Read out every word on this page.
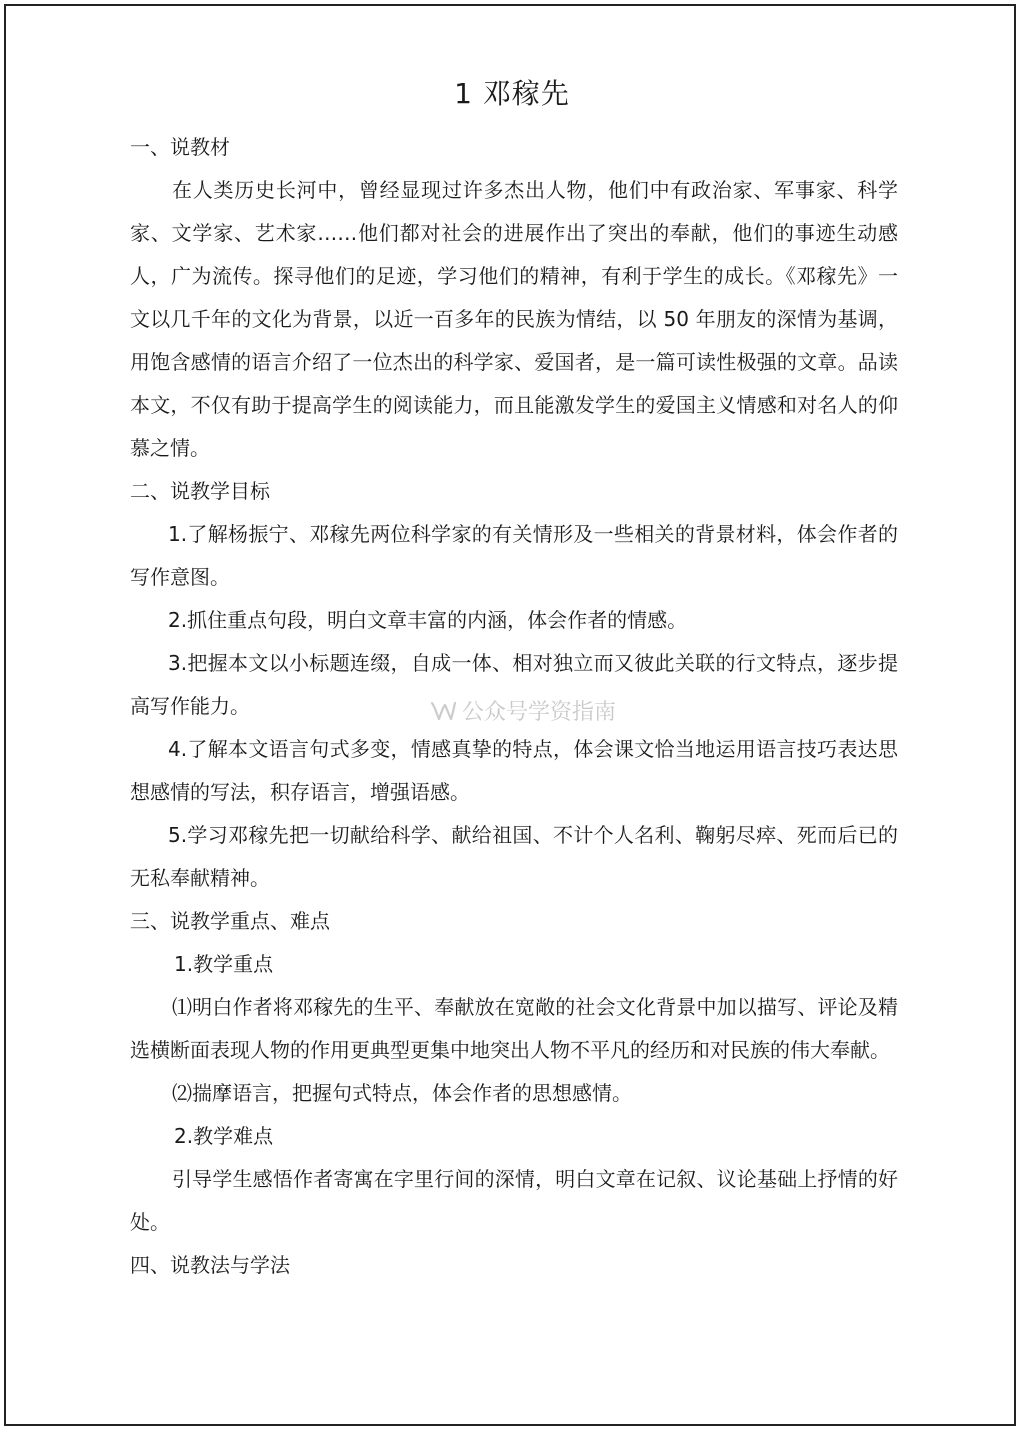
1 邓稼先

一、说教材

在人类历史长河中，曾经显现过许多杰出人物，他们中有政治家、军事家、科学家、文学家、艺术家……他们都对社会的进展作出了突出的奉献，他们的事迹生动感人，广为流传。探寻他们的足迹，学习他们的精神，有利于学生的成长。《邓稼先》一文以几千年的文化为背景，以近一百多年的民族为情结，以 50 年朋友的深情为基调，用饱含感情的语言介绍了一位杰出的科学家、爱国者，是一篇可读性极强的文章。品读本文，不仅有助于提高学生的阅读能力，而且能激发学生的爱国主义情感和对名人的仰慕之情。

二、说教学目标

1.了解杨振宁、邓稼先两位科学家的有关情形及一些相关的背景材料，体会作者的写作意图。

2.抓住重点句段，明白文章丰富的内涵，体会作者的情感。

3.把握本文以小标题连缀，自成一体、相对独立而又彼此关联的行文特点，逐步提高写作能力。

4.了解本文语言句式多变，情感真挚的特点，体会课文恰当地运用语言技巧表达思想感情的写法，积存语言，增强语感。

5.学习邓稼先把一切献给科学、献给祖国、不计个人名利、鞠躬尽瘁、死而后已的无私奉献精神。

三、说教学重点、难点

1.教学重点

⑴明白作者将邓稼先的生平、奉献放在宽敞的社会文化背景中加以描写、评论及精选横断面表现人物的作用更典型更集中地突出人物不平凡的经历和对民族的伟大奉献。

⑵揣摩语言，把握句式特点，体会作者的思想感情。

2.教学难点

引导学生感悟作者寄寓在字里行间的深情，明白文章在记叙、议论基础上抒情的好处。

四、说教法与学法

公众号学资指南
